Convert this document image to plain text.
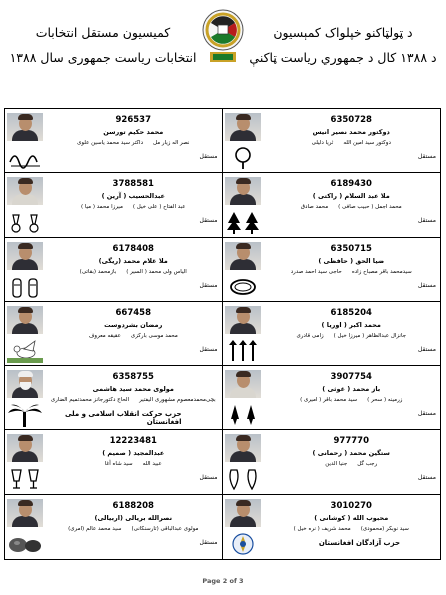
د ټولټاکنو خپلواک کمېسیون
د ۱۳۸۸ کال د جمهوري رياست ټاکنې
کمیسیون مستقل انتخابات
انتخابات ریاست جمهوری سال ۱۳۸۸
926537
محمد حکیم تورسن
نصر اله زیار مل
داکتر سید محمد یاسین علوی
مستقل
6350728
دوکتور محمد نصیر انیس
دوکتور سید امین الله
ثریا دلیلی
مستقل
3788581
عبدالحسیب ( آرین )
عبد الفتاح ( علی خیل )
میرزا محمد ( میا )
مستقل
6189430
ملا عبد السلام ( راکتی )
محمد اجمل ( حبیب صافی )
محمد صادق
مستقل
6178408
ملا غلام محمد (ریگی)
الیاس ولی محمد ( السیر )
بازمحمد (بقاتی)
مستقل
6350715
ضیا الحق ( حافظی )
سیدمحمد باقر مصباح زاده
حاجی سید احمد صدرد
مستقل
667458
رمضان بشردوست
محمد موسی بارکزی
عقیقه معروف
مستقل
6185204
محمد اکبر ( اوریا )
جانزال عبدالظاهر ( میرزا خیل )
زامی قادری
مستقل
6358755
مولوی محمد سید هاشمی
بچی‌محمدمعصوم مشهوری الیفتیر
الحاج دکتورجانز محمدتمیم الضاری
حزب حرکت انقلاب اسلامی و ملی افغانستان
3907754
باز محمد ( غوثی )
زرمینه ( سحر )
سید محمد باقر ( امیری )
مستقل
12223481
عبدالمجید ( صمیم )
عبید الله
سید شاه آغا
مستقل
977770
ستگین محمد ( رحمانی )
رجب گل
جنیا الدین
مستقل
6188208
نصرالله بریالی (اربیالی)
مولوی عبدالباقی (تارسنکانی)
سید محمد عالم (امری)
مستقل
3010270
محبوب الله ( کوشانی )
سید نوبکر (محمودی)
محمد شریف ( نره خیل )
حزب آزادگان افغانستان
Page 2 of 3
